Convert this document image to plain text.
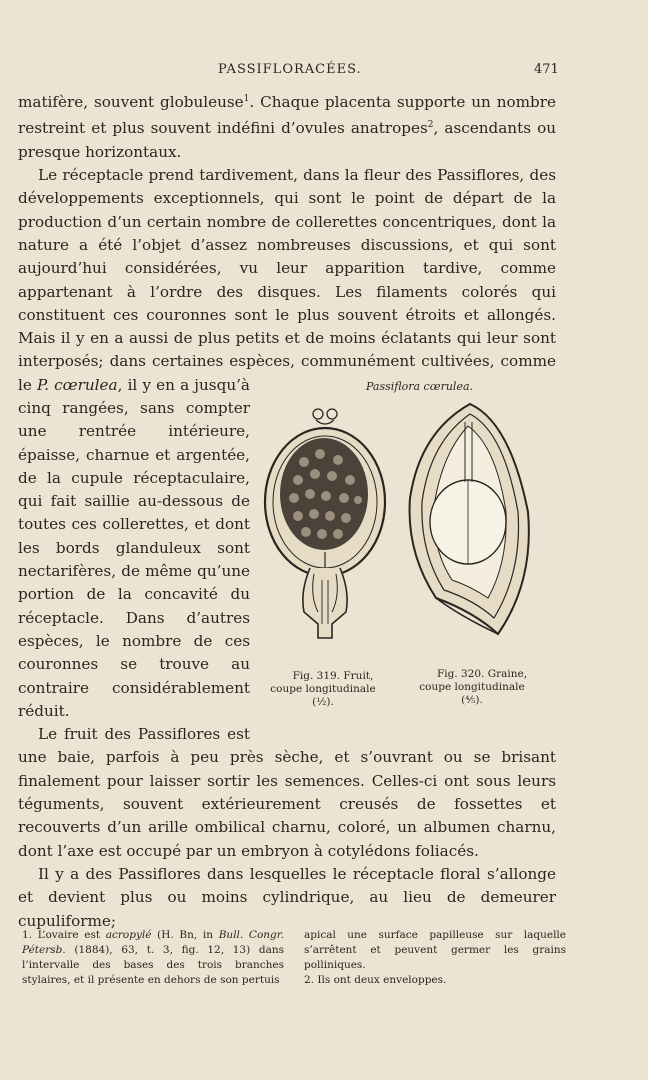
PASSIFLORACÉES.	471

matifère, souvent globuleuse$^1$. Chaque placenta supporte un nombre restreint et plus souvent indéfini d’ovules anatropes$^2$, ascendants ou presque horizontaux.

Le réceptacle prend tardivement, dans la fleur des Passiflores, des développements exceptionnels, qui sont le point de départ de la production d’un certain nombre de collerettes concentriques, dont la nature a été l’objet d’assez nombreuses discussions, et qui sont aujourd’hui considérées, vu leur apparition tardive, comme appartenant à l’ordre des disques. Les filaments colorés qui constituent ces couronnes sont le plus souvent étroits et allongés. Mais il y en a aussi de plus petits et de moins éclatants qui leur sont interposés; dans certaines espèces, communément cultivées, comme le	Passiflora cœrulea.
Fig. 319. Fruit, coupe longitudinale (½).
Fig. 320. Graine, coupe longitudinale (⅘).
P. cœrulea, il y en a jusqu’à cinq rangées, sans compter une rentrée intérieure, épaisse, charnue et argentée, de la cupule réceptaculaire, qui fait saillie au-dessous de toutes ces collerettes, et dont les bords glanduleux sont nectarifères, de même qu’une portion de la concavité du réceptacle. Dans d’autres espèces, le nombre de ces couronnes se trouve au contraire considérablement réduit.

Le fruit des Passiflores est une baie, parfois à peu près sèche, et s’ouvrant ou se brisant finalement pour laisser sortir les semences. Celles-ci ont sous leurs téguments, souvent extérieurement creusés de fossettes et recouverts d’un arille ombilical charnu, coloré, un albumen charnu, dont l’axe est occupé par un embryon à cotylédons foliacés.

Il y a des Passiflores dans lesquelles le réceptacle floral s’allonge et devient plus ou moins cylindrique, au lieu de demeurer cupuliforme;

1. L’ovaire est acropylé (H. Bn, in Bull. Congr. Pétersb. (1884), 63, t. 3, fig. 12, 13) dans l’intervalle des bases des trois branches stylaires, et il présente en dehors de son pertuis

apical une surface papilleuse sur laquelle s’arrêtent et peuvent germer les grains polliniques.

2. Ils ont deux enveloppes.
